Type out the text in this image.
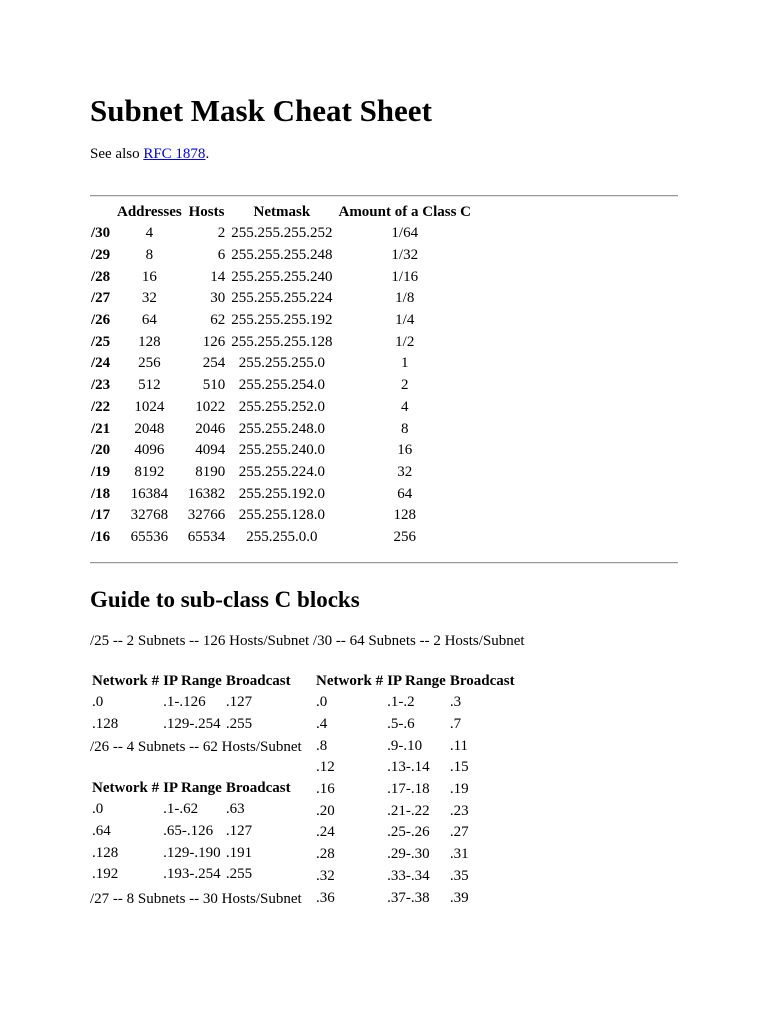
Subnet Mask Cheat Sheet
See also RFC 1878.
	Addresses	Hosts	Netmask	Amount of a Class C
/30	4	2	255.255.255.252	1/64
/29	8	6	255.255.255.248	1/32
/28	16	14	255.255.255.240	1/16
/27	32	30	255.255.255.224	1/8
/26	64	62	255.255.255.192	1/4
/25	128	126	255.255.255.128	1/2
/24	256	254	255.255.255.0	1
/23	512	510	255.255.254.0	2
/22	1024	1022	255.255.252.0	4
/21	2048	2046	255.255.248.0	8
/20	4096	4094	255.255.240.0	16
/19	8192	8190	255.255.224.0	32
/18	16384	16382	255.255.192.0	64
/17	32768	32766	255.255.128.0	128
/16	65536	65534	255.255.0.0	256
Guide to sub-class C blocks
/25 -- 2 Subnets -- 126 Hosts/Subnet /30 -- 64 Subnets -- 2 Hosts/Subnet
Network #	IP Range	Broadcast
.0	.1-.126	.127
.128	.129-.254	.255
/26 -- 4 Subnets -- 62 Hosts/Subnet
Network #	IP Range	Broadcast
.0	.1-.62	.63
.64	.65-.126	.127
.128	.129-.190	.191
.192	.193-.254	.255
/27 -- 8 Subnets -- 30 Hosts/Subnet
Network #	IP Range	Broadcast
.0	.1-.2	.3
.4	.5-.6	.7
.8	.9-.10	.11
.12	.13-.14	.15
.16	.17-.18	.19
.20	.21-.22	.23
.24	.25-.26	.27
.28	.29-.30	.31
.32	.33-.34	.35
.36	.37-.38	.39
